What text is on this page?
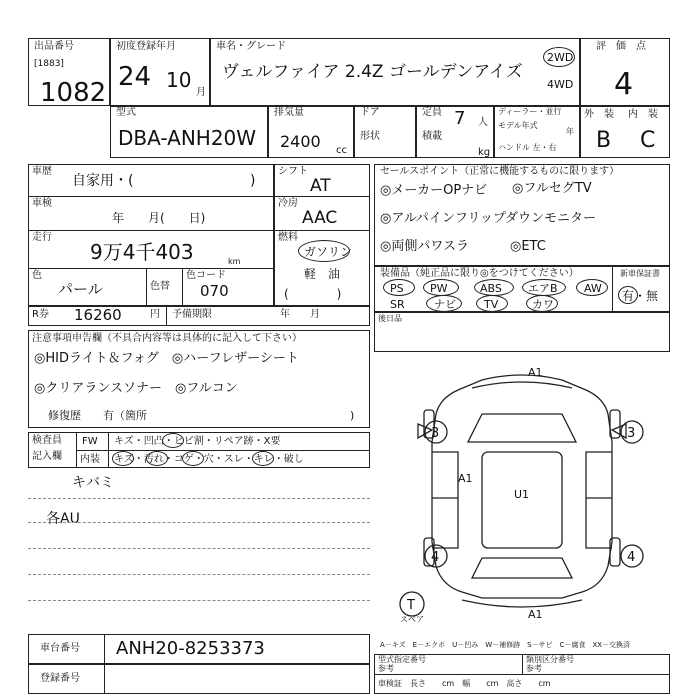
出品番号
[1883]
1082
初度登録年月
24 10
月
車名・グレード
ヴェルファイア 2.4Z ゴールデンアイズ
2WD
4WD
評　価　点
4
型式
DBA-ANH20W
排気量
2400 cc
ドア
形状
定員 7 人
積載
kg
ディーラー・並行
モデル年式
年
ハンドル 左・右
外　装 内　装
B C
車歴
自家用・(	)
車検
年　　月(　　日)
走行
9万4千403	km
色
パール	色替
色コード
070
シフト
AT
冷房
AAC
燃料
ガソリン
軽　油
(　　　　)
セールスポイント（正常に機能するものに限ります）
◎メーカーOPナビ ◎フルセグTV
◎アルパインフリップダウンモニター
◎両側パワスラ	◎ETC
装備品（純正品に限り◎をつけてください）	新車保証書
有・無
PS PW	ABS エアB AW
SR	ナビ	TV	カワ
R券 16260	円 予備期限	年　　月	後日品
注意事項申告欄（不具合内容等は具体的に記入して下さい）
◎HIDライト＆フォグ　◎ハーフレザーシート
◎クリアランスソナー　◎フルコン
修復歴　　有（箇所	)
検査員
記入欄
FW キズ・凹凸・ヒビ割・リペア跡・X要
内装 キズ・汚れ・コゲ・穴・スレ・キレ・破し
キバミ
各AU
A1
A1
A1
U1
3	3
4	4
T
スペア
車台番号 ANH20-8253373
登録番号
A－キズ　E－エクボ　U－凹み　W－補修跡　S－サビ　C－腐食　XX－交換済
型式指定番号
参考
類別区分番号
参考
車検証　長さ　　cm　幅　　cm　高さ　　cm
